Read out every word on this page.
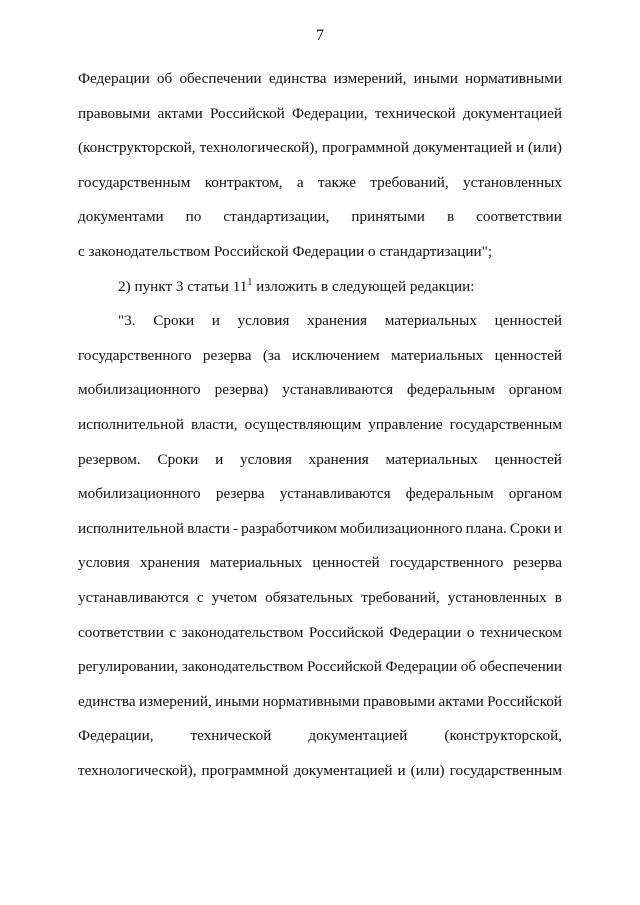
7
Федерации об обеспечении единства измерений, иными нормативными
правовыми актами Российской Федерации, технической документацией
(конструкторской, технологической), программной документацией и (или)
государственным контрактом, а также требований, установленных
документами по стандартизации, принятыми в соответствии
с законодательством Российской Федерации о стандартизации";
2) пункт 3 статьи $11^1$ изложить в следующей редакции:
"3. Сроки и условия хранения материальных ценностей
государственного резерва (за исключением материальных ценностей
мобилизационного резерва) устанавливаются федеральным органом
исполнительной власти, осуществляющим управление государственным
резервом. Сроки и условия хранения материальных ценностей
мобилизационного резерва устанавливаются федеральным органом
исполнительной власти - разработчиком мобилизационного плана. Сроки и
условия хранения материальных ценностей государственного резерва
устанавливаются с учетом обязательных требований, установленных в
соответствии с законодательством Российской Федерации о техническом
регулировании, законодательством Российской Федерации об обеспечении
единства измерений, иными нормативными правовыми актами Российской
Федерации, технической документацией (конструкторской,
технологической), программной документацией и (или) государственным
